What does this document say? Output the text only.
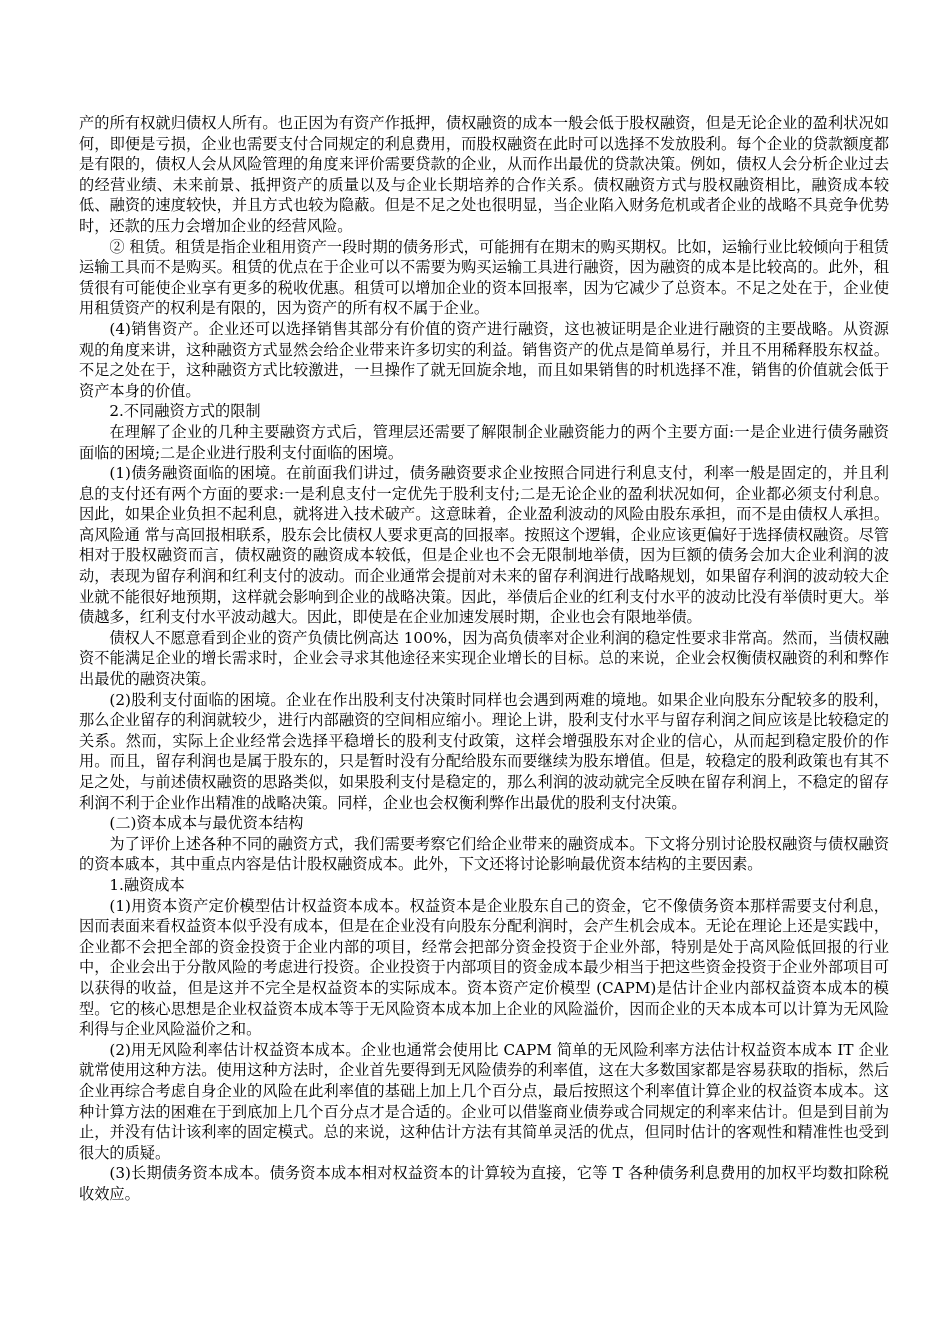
产的所有权就归债权人所有。也正因为有资产作抵押，债权融资的成本一般会低于股权融资，但是无论企业的盈利状况如何，即便是亏损，企业也需要支付合同规定的利息费用，而股权融资在此时可以选择不发放股利。每个企业的贷款额度都是有限的，债权人会从风险管理的角度来评价需要贷款的企业，从而作出最优的贷款决策。例如，债权人会分析企业过去的经营业绩、未来前景、抵押资产的质量以及与企业长期培养的合作关系。债权融资方式与股权融资相比，融资成本较低、融资的速度较快，并且方式也较为隐蔽。但是不足之处也很明显，当企业陷入财务危机或者企业的战略不具竞争优势时，还款的压力会增加企业的经营风险。

② 租赁。租赁是指企业租用资产一段时期的债务形式，可能拥有在期末的购买期权。比如，运输行业比较倾向于租赁运输工具而不是购买。租赁的优点在于企业可以不需要为购买运输工具进行融资，因为融资的成本是比较高的。此外，租赁很有可能使企业享有更多的税收优惠。租赁可以增加企业的资本回报率，因为它减少了总资本。不足之处在于，企业使用租赁资产的权利是有限的，因为资产的所有权不属于企业。

(4)销售资产。企业还可以选择销售其部分有价值的资产进行融资，这也被证明是企业进行融资的主要战略。从资源观的角度来讲，这种融资方式显然会给企业带来许多切实的利益。销售资产的优点是简单易行，并且不用稀释股东权益。不足之处在于，这种融资方式比较激进，一旦操作了就无回旋余地，而且如果销售的时机选择不准，销售的价值就会低于资产本身的价值。

2.不同融资方式的限制

在理解了企业的几种主要融资方式后，管理层还需要了解限制企业融资能力的两个主要方面:一是企业进行债务融资面临的困境;二是企业进行股利支付面临的困境。

(1)债务融资面临的困境。在前面我们讲过，债务融资要求企业按照合同进行利息支付，利率一般是固定的，并且利息的支付还有两个方面的要求:一是利息支付一定优先于股利支付;二是无论企业的盈利状况如何，企业都必须支付利息。因此，如果企业负担不起利息，就将进入技术破产。这意昧着，企业盈利波动的风险由股东承担，而不是由债权人承担。高风险通 常与高回报相联系，股东会比债权人要求更高的回报率。按照这个逻辑，企业应该更偏好于选择债权融资。尽管相对于股权融资而言，债权融资的融资成本较低，但是企业也不会无限制地举债，因为巨额的债务会加大企业利润的波动，表现为留存利润和红利支付的波动。而企业通常会提前对未来的留存利润进行战略规划，如果留存利润的波动较大企业就不能很好地预期，这样就会影响到企业的战略决策。因此，举债后企业的红利支付水平的波动比没有举债时更大。举债越多，红利支付水平波动越大。因此，即使是在企业加速发展时期，企业也会有限地举债。

债权人不愿意看到企业的资产负债比例高达 100%，因为高负债率对企业利润的稳定性要求非常高。然而，当债权融资不能满足企业的增长需求时，企业会寻求其他途径来实现企业增长的目标。总的来说，企业会权衡债权融资的利和弊作出最优的融资决策。

(2)股利支付面临的困境。企业在作出股利支付决策时同样也会遇到两难的境地。如果企业向股东分配较多的股利，那么企业留存的利润就较少，进行内部融资的空间相应缩小。理论上讲，股利支付水平与留存利润之间应该是比较稳定的关系。然而，实际上企业经常会选择平稳增长的股利支付政策，这样会增强股东对企业的信心，从而起到稳定股价的作用。而且，留存利润也是属于股东的，只是暂时没有分配给股东而要继续为股东增值。但是，较稳定的股利政策也有其不足之处，与前述债权融资的思路类似，如果股利支付是稳定的，那么利润的波动就完全反映在留存利润上，不稳定的留存利润不利于企业作出精准的战略决策。同样，企业也会权衡利弊作出最优的股利支付决策。

(二)资本成本与最优资本结构

为了评价上述各种不同的融资方式，我们需要考察它们给企业带来的融资成本。下文将分别讨论股权融资与债权融资的资本戚本，其中重点内容是估计股权融资成本。此外，下文还将讨论影响最优资本结构的主要因素。

1.融资成本

(1)用资本资产定价模型估计权益资本成本。权益资本是企业股东自己的资金，它不像债务资本那样需要支付利息，因而表面来看权益资本似乎没有成本，但是在企业没有向股东分配利润时，会产生机会成本。无论在理论上还是实践中，企业都不会把全部的资金投资于企业内部的项目，经常会把部分资金投资于企业外部，特别是处于高风险低回报的行业中，企业会出于分散风险的考虑进行投资。企业投资于内部项目的资金成本最少相当于把这些资金投资于企业外部项目可以获得的收益，但是这并不完全是权益资本的实际成本。资本资产定价模型 (CAPM)是估计企业内部权益资本成本的模型。它的核心思想是企业权益资本成本等于无风险资本成本加上企业的风险溢价，因而企业的天本成本可以计算为无风险利得与企业风险溢价之和。

(2)用无风险利率估计权益资本成本。企业也通常会使用比 CAPM 简单的无风险利率方法估计权益资本成本 IT 企业就常使用这种方法。使用这种方法时，企业首先要得到无风险债券的利率值，这在大多数国家都是容易获取的指标，然后企业再综合考虑自身企业的风险在此利率值的基础上加上几个百分点，最后按照这个利率值计算企业的权益资本成本。这种计算方法的困难在于到底加上几个百分点才是合适的。企业可以借鉴商业债券或合同规定的利率来估计。但是到目前为止，并没有估计该利率的固定模式。总的来说，这种估计方法有其简单灵活的优点，但同时估计的客观性和精准性也受到很大的质疑。

(3)长期债务资本成本。债务资本成本相对权益资本的计算较为直接，它等 T 各种债务利息费用的加权平均数扣除税收效应。
